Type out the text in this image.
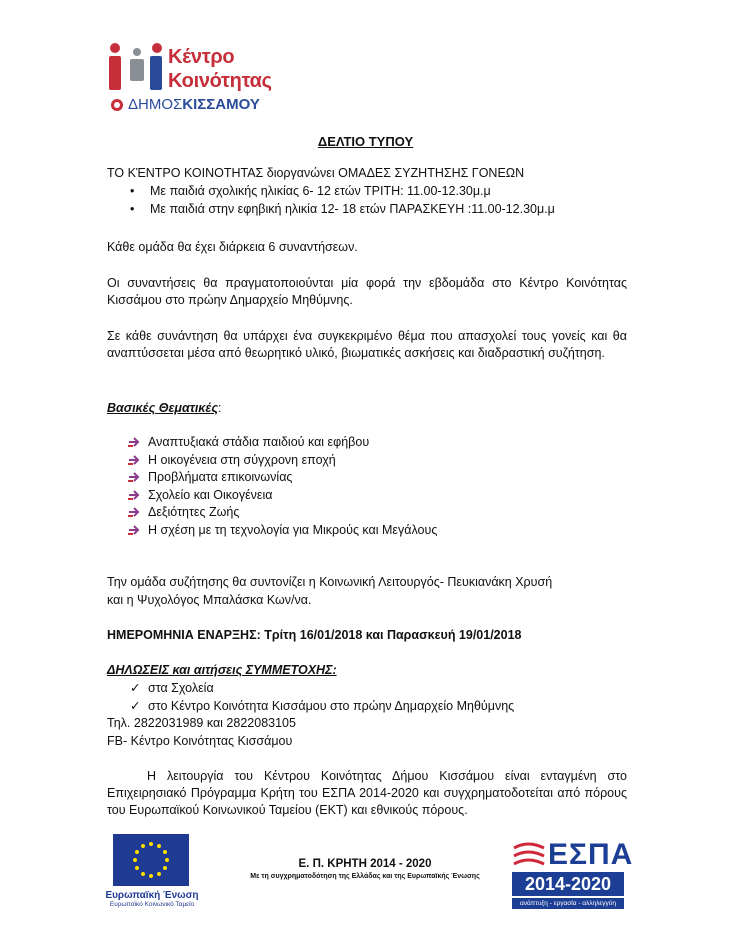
Κέντρο
Κοινότητας
ΔΗΜΟΣΚΙΣΣΑΜΟΥ
ΔΕΛΤΙΟ ΤΥΠΟΥ
ΤΟ ΚΈΝΤΡΟ ΚΟΙΝΟΤΗΤΑΣ διοργανώνει ΟΜΑΔΕΣ ΣΥΖΗΤΗΣΗΣ ΓΟΝΕΩΝ
• Με παιδιά σχολικής ηλικίας 6- 12 ετών ΤΡΙΤΗ: 11.00-12.30μ.μ
• Με παιδιά στην εφηβική ηλικία 12- 18 ετών ΠΑΡΑΣΚΕΥΗ :11.00-12.30μ.μ
Κάθε ομάδα θα έχει διάρκεια 6 συναντήσεων.
Οι συναντήσεις θα πραγματοποιούνται μία φορά την εβδομάδα στο Κέντρο Κοινότητας Κισσάμου στο πρώην Δημαρχείο Μηθύμνης.
Σε κάθε συνάντηση θα υπάρχει ένα συγκεκριμένο θέμα που απασχολεί τους γονείς και θα αναπτύσσεται μέσα από θεωρητικό υλικό, βιωματικές ασκήσεις και διαδραστική συζήτηση.
Βασικές Θεματικές:
Αναπτυξιακά στάδια παιδιού και εφήβου
Η οικογένεια στη σύγχρονη εποχή
Προβλήματα επικοινωνίας
Σχολείο και Οικογένεια
Δεξιότητες Ζωής
Η σχέση με τη τεχνολογία για Μικρούς και Μεγάλους
Την ομάδα συζήτησης θα συντονίζει η Κοινωνική Λειτουργός- Πευκιανάκη Χρυσή
και η Ψυχολόγος Μπαλάσκα Κων/να.
ΗΜΕΡΟΜΗΝΙΑ ΕΝΑΡΞΗΣ: Τρίτη 16/01/2018 και Παρασκευή 19/01/2018
ΔΗΛΩΣΕΙΣ και αιτήσεις ΣΥΜΜΕΤΟΧΗΣ:
✓ στα Σχολεία
✓ στο Κέντρο Κοινότητα Κισσάμου στο πρώην Δημαρχείο Μηθύμνης
Τηλ. 2822031989 και 2822083105
FB- Κέντρο Κοινότητας Κισσάμου
Η λειτουργία του Κέντρου Κοινότητας Δήμου Κισσάμου είναι ενταγμένη στο Επιχειρησιακό Πρόγραμμα Κρήτη του ΕΣΠΑ 2014-2020 και συγχρηματοδοτείται από πόρους του Ευρωπαϊκού Κοινωνικού Ταμείου (ΕΚΤ) και εθνικούς πόρους.
Ευρωπαϊκή Ένωση
Ευρωπαϊκό Κοινωνικό Ταμείο
Ε. Π. ΚΡΗΤΗ 2014 - 2020
Με τη συγχρηματοδότηση της Ελλάδας και της Ευρωπαϊκής Ένωσης
ΕΣΠΑ
2014-2020
ανάπτυξη - εργασία - αλληλεγγύη
